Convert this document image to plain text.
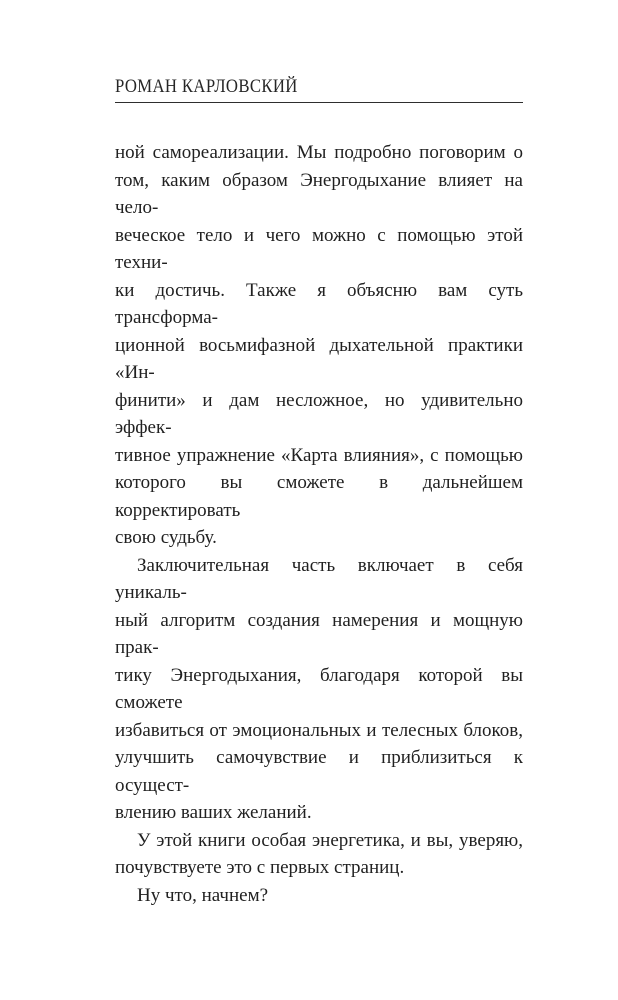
РОМАН КАРЛОВСКИЙ
ной самореализации. Мы подробно поговорим о
том, каким образом Энергодыхание влияет на чело-
веческое тело и чего можно с помощью этой техни-
ки достичь. Также я объясню вам суть трансформа-
ционной восьмифазной дыхательной практики «Ин-
финити» и дам несложное, но удивительно эффек-
тивное упражнение «Карта влияния», с помощью
которого вы сможете в дальнейшем корректировать
свою судьбу.
Заключительная часть включает в себя уникаль-
ный алгоритм создания намерения и мощную прак-
тику Энергодыхания, благодаря которой вы сможете
избавиться от эмоциональных и телесных блоков,
улучшить самочувствие и приблизиться к осущест-
влению ваших желаний.
У этой книги особая энергетика, и вы, уверяю,
почувствуете это с первых страниц.
Ну что, начнем?
